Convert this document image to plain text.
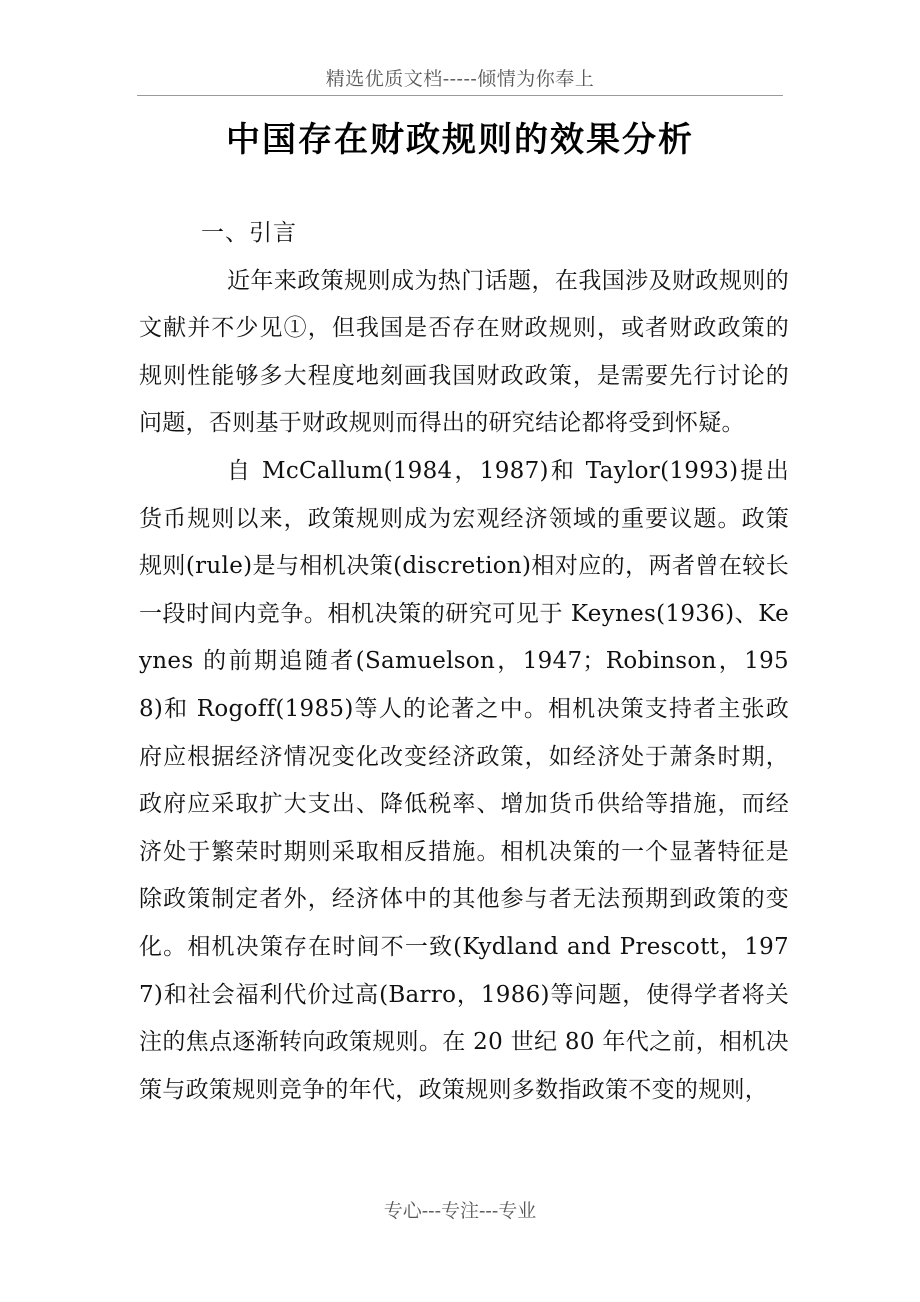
精选优质文档-----倾情为你奉上
中国存在财政规则的效果分析

一、引言

近年来政策规则成为热门话题，在我国涉及财政规则的文献并不少见①，但我国是否存在财政规则，或者财政政策的规则性能够多大程度地刻画我国财政政策，是需要先行讨论的问题，否则基于财政规则而得出的研究结论都将受到怀疑。

自 McCallum(1984，1987)和 Taylor(1993)提出货币规则以来，政策规则成为宏观经济领域的重要议题。政策规则(rule)是与相机决策(discretion)相对应的，两者曾在较长一段时间内竞争。相机决策的研究可见于 Keynes(1936)、Keynes 的前期追随者(Samuelson，1947；Robinson，1958)和 Rogoff(1985)等人的论著之中。相机决策支持者主张政府应根据经济情况变化改变经济政策，如经济处于萧条时期，政府应采取扩大支出、降低税率、增加货币供给等措施，而经济处于繁荣时期则采取相反措施。相机决策的一个显著特征是除政策制定者外，经济体中的其他参与者无法预期到政策的变化。相机决策存在时间不一致(Kydland and Prescott，1977)和社会福利代价过高(Barro，1986)等问题，使得学者将关注的焦点逐渐转向政策规则。在 20 世纪 80 年代之前，相机决策与政策规则竞争的年代，政策规则多数指政策不变的规则，

专心---专注---专业
